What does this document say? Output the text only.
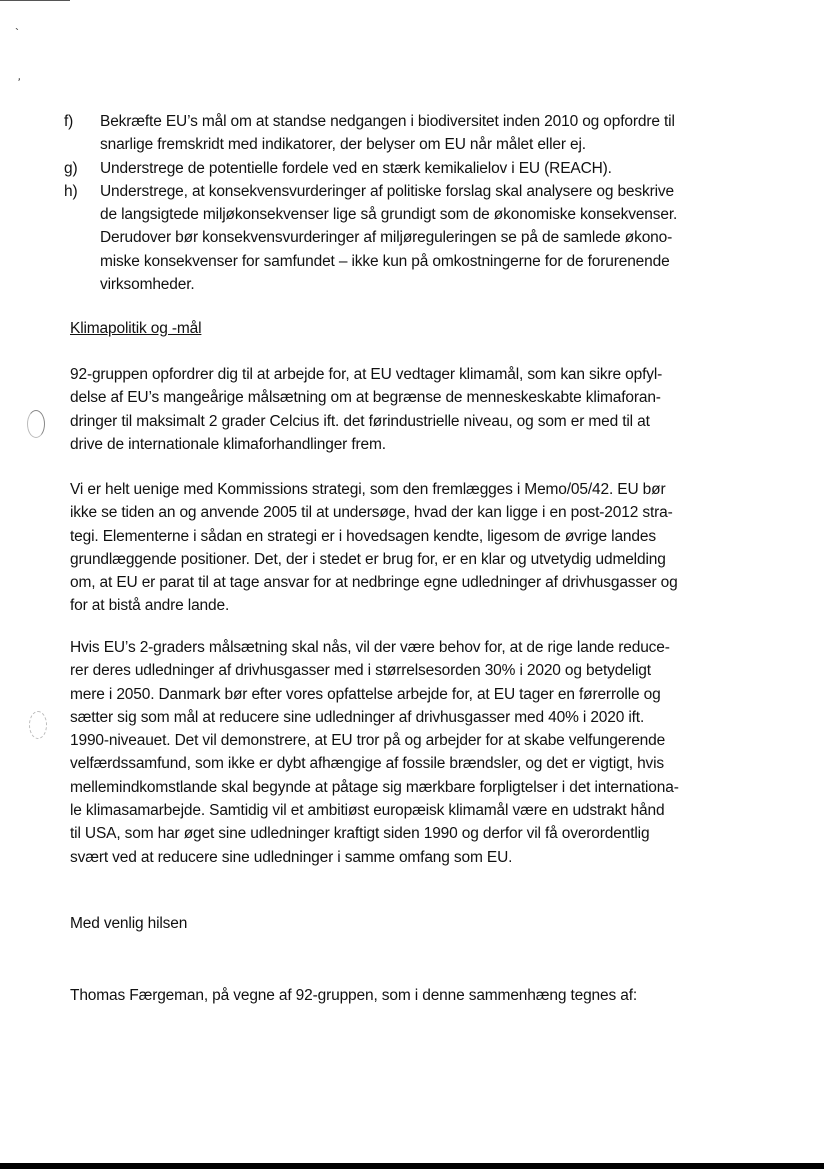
`
ʼ
f) Bekræfte EU’s mål om at standse nedgangen i biodiversitet inden 2010 og opfordre til
snarlige fremskridt med indikatorer, der belyser om EU når målet eller ej.
g) Understrege de potentielle fordele ved en stærk kemikalielov i EU (REACH).
h) Understrege, at konsekvensvurderinger af politiske forslag skal analysere og beskrive
de langsigtede miljøkonsekvenser lige så grundigt som de økonomiske konsekvenser.
Derudover bør konsekvensvurderinger af miljøreguleringen se på de samlede økono-
miske konsekvenser for samfundet – ikke kun på omkostningerne for de forurenende
virksomheder.
Klimapolitik og -mål
92-gruppen opfordrer dig til at arbejde for, at EU vedtager klimamål, som kan sikre opfyl-
delse af EU’s mangeårige målsætning om at begrænse de menneskeskabte klimaforan-
dringer til maksimalt 2 grader Celcius ift. det førindustrielle niveau, og som er med til at
drive de internationale klimaforhandlinger frem.
Vi er helt uenige med Kommissions strategi, som den fremlægges i Memo/05/42. EU bør
ikke se tiden an og anvende 2005 til at undersøge, hvad der kan ligge i en post-2012 stra-
tegi. Elementerne i sådan en strategi er i hovedsagen kendte, ligesom de øvrige landes
grundlæggende positioner. Det, der i stedet er brug for, er en klar og utvetydig udmelding
om, at EU er parat til at tage ansvar for at nedbringe egne udledninger af drivhusgasser og
for at bistå andre lande.
Hvis EU’s 2-graders målsætning skal nås, vil der være behov for, at de rige lande reduce-
rer deres udledninger af drivhusgasser med i størrelsesorden 30% i 2020 og betydeligt
mere i 2050. Danmark bør efter vores opfattelse arbejde for, at EU tager en førerrolle og
sætter sig som mål at reducere sine udledninger af drivhusgasser med 40% i 2020 ift.
1990-niveauet. Det vil demonstrere, at EU tror på og arbejder for at skabe velfungerende
velfærdssamfund, som ikke er dybt afhængige af fossile brændsler, og det er vigtigt, hvis
mellemindkomstlande skal begynde at påtage sig mærkbare forpligtelser i det internationa-
le klimasamarbejde. Samtidig vil et ambitiøst europæisk klimamål være en udstrakt hånd
til USA, som har øget sine udledninger kraftigt siden 1990 og derfor vil få overordentlig
svært ved at reducere sine udledninger i samme omfang som EU.
Med venlig hilsen
Thomas Færgeman, på vegne af 92-gruppen, som i denne sammenhæng tegnes af:
